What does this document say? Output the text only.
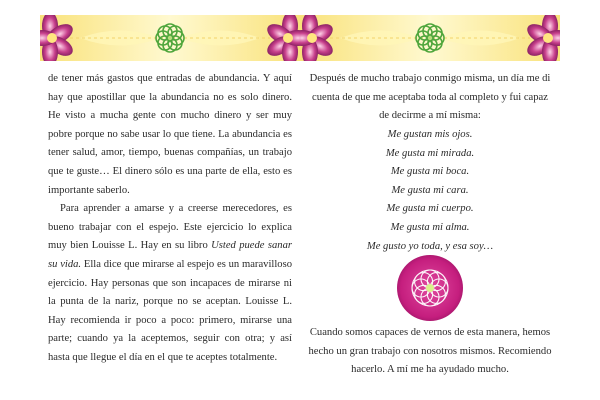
de tener más gastos que entradas de abundancia. Y aquí hay que apostillar que la abundancia no es solo dinero. He visto a mucha gente con mucho dinero y ser muy pobre porque no sabe usar lo que tiene. La abundancia es tener salud, amor, tiempo, buenas compañías, un trabajo que te guste… El dinero sólo es una parte de ella, esto es importante saberlo.

Para aprender a amarse y a creerse merecedores, es bueno trabajar con el espejo. Este ejercicio lo explica muy bien Louisse L. Hay en su libro Usted puede sanar su vida. Ella dice que mirarse al espejo es un maravilloso ejercicio. Hay personas que son incapaces de mirarse ni la punta de la nariz, porque no se aceptan. Louisse L. Hay recomienda ir poco a poco: primero, mirarse una parte; cuando ya la aceptemos, seguir con otra; y así hasta que llegue el día en el que te aceptes totalmente.

Después de mucho trabajo conmigo misma, un día me di cuenta de que me aceptaba toda al completo y fui capaz de decirme a mí misma:

Me gustan mis ojos.
Me gusta mi mirada.
Me gusta mi boca.
Me gusta mi cara.
Me gusta mi cuerpo.
Me gusta mi alma.
Me gusto yo toda, y esa soy…

Cuando somos capaces de vernos de esta manera, hemos hecho un gran trabajo con nosotros mismos. Recomiendo hacerlo. A mí me ha ayudado mucho.
